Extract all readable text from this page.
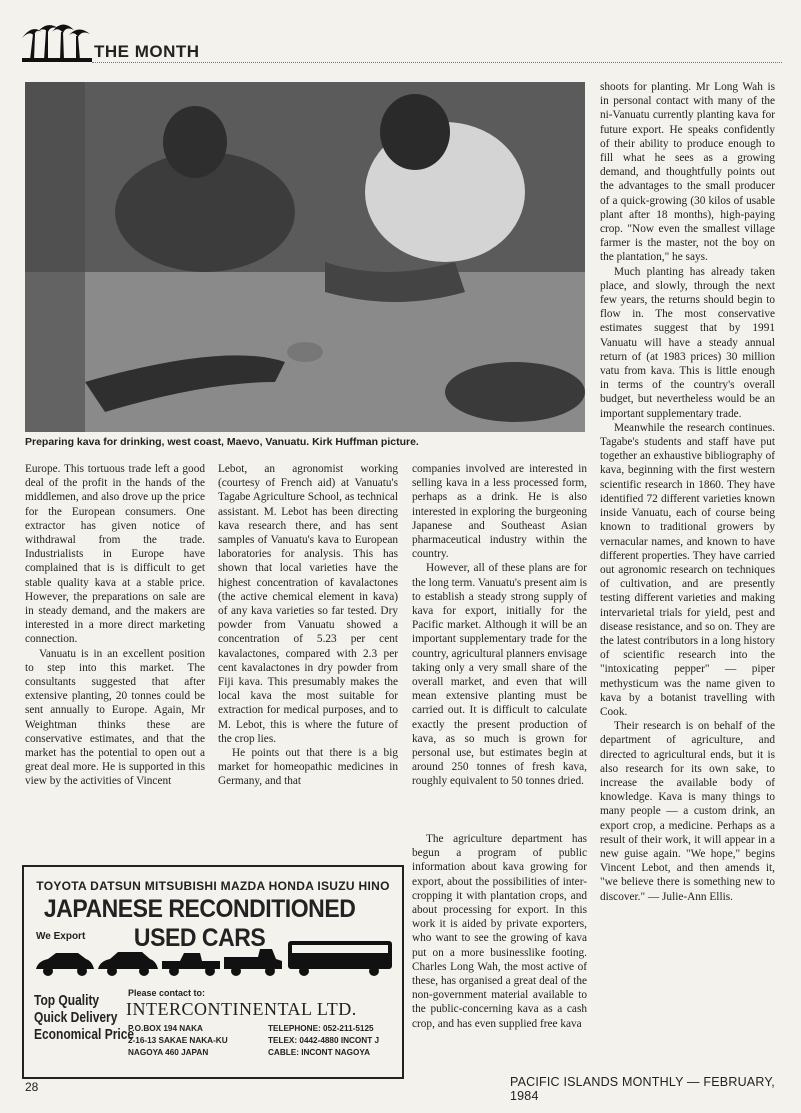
THE MONTH
Preparing kava for drinking, west coast, Maevo, Vanuatu. Kirk Huffman picture.

Europe. This tortuous trade left a good deal of the profit in the hands of the middlemen, and also drove up the price for the European consumers. One extractor has given notice of withdrawal from the trade. Industrialists in Europe have complained that is is difficult to get stable quality kava at a stable price. However, the preparations on sale are in steady demand, and the makers are interested in a more direct marketing connection.

Vanuatu is in an excellent position to step into this market. The consultants suggested that after extensive planting, 20 tonnes could be sent annually to Europe. Again, Mr Weightman thinks these are conservative estimates, and that the market has the potential to open out a great deal more. He is supported in this view by the activities of Vincent

Lebot, an agronomist working (courtesy of French aid) at Vanuatu's Tagabe Agriculture School, as technical assistant. M. Lebot has been directing kava research there, and has sent samples of Vanuatu's kava to European laboratories for analysis. This has shown that local varieties have the highest concentration of kavalactones (the active chemical element in kava) of any kava varieties so far tested. Dry powder from Vanuatu showed a concentration of 5.23 per cent kavalactones, compared with 2.3 per cent kavalactones in dry powder from Fiji kava. This presumably makes the local kava the most suitable for extraction for medical purposes, and to M. Lebot, this is where the future of the crop lies.

He points out that there is a big market for homeopathic medicines in Germany, and that

companies involved are interested in selling kava in a less processed form, perhaps as a drink. He is also interested in exploring the burgeoning Japanese and Southeast Asian pharmaceutical industry within the country.

However, all of these plans are for the long term. Vanuatu's present aim is to establish a steady strong supply of kava for export, initially for the Pacific market. Although it will be an important supplementary trade for the country, agricultural planners envisage taking only a very small share of the overall market, and even that will mean extensive planting must be carried out. It is difficult to calculate exactly the present production of kava, as so much is grown for personal use, but estimates begin at around 250 tonnes of fresh kava, roughly equivalent to 50 tonnes dried.

The agriculture department has begun a program of public information about kava growing for export, about the possibilities of inter-cropping it with plantation crops, and about processing for export. In this work it is aided by private exporters, who want to see the growing of kava put on a more businesslike footing. Charles Long Wah, the most active of these, has organised a great deal of the non-government material available to the public-concerning kava as a cash crop, and has even supplied free kava

shoots for planting. Mr Long Wah is in personal contact with many of the ni-Vanuatu currently planting kava for future export. He speaks confidently of their ability to produce enough to fill what he sees as a growing demand, and thoughtfully points out the advantages to the small producer of a quick-growing (30 kilos of usable plant after 18 months), high-paying crop. "Now even the smallest village farmer is the master, not the boy on the plantation," he says.

Much planting has already taken place, and slowly, through the next few years, the returns should begin to flow in. The most conservative estimates suggest that by 1991 Vanuatu will have a steady annual return of (at 1983 prices) 30 million vatu from kava. This is little enough in terms of the country's overall budget, but nevertheless would be an important supplementary trade.

Meanwhile the research continues. Tagabe's students and staff have put together an exhaustive bibliography of kava, beginning with the first western scientific research in 1860. They have identified 72 different varieties known inside Vanuatu, each of course being known to traditional growers by vernacular names, and known to have different properties. They have carried out agronomic research on techniques of cultivation, and are presently testing different varieties and making intervarietal trials for yield, pest and disease resistance, and so on. They are the latest contributors in a long history of scientific research into the "intoxicating pepper" — piper methysticum was the name given to kava by a botanist travelling with Cook.

Their research is on behalf of the department of agriculture, and directed to agricultural ends, but it is also research for its own sake, to increase the available body of knowledge. Kava is many things to many people — a custom drink, an export crop, a medicine. Perhaps as a result of their work, it will appear in a new guise again. "We hope," begins Vincent Lebot, and then amends it, "we believe there is something new to discover." — Julie-Ann Ellis.

TOYOTA DATSUN MITSUBISHI MAZDA HONDA ISUZU HINO
JAPANESE RECONDITIONED USED CARS
We Export
Top Quality
Quick Delivery
Economical Price
Please contact to:
INTERCONTINENTAL LTD.
P.O.BOX 194 NAKA
2-16-13 SAKAE NAKA-KU
NAGOYA 460 JAPAN
TELEPHONE: 052-211-5125
TELEX: 0442-4880 INCONT J
CABLE: INCONT NAGOYA
28	PACIFIC ISLANDS MONTHLY — FEBRUARY, 1984
